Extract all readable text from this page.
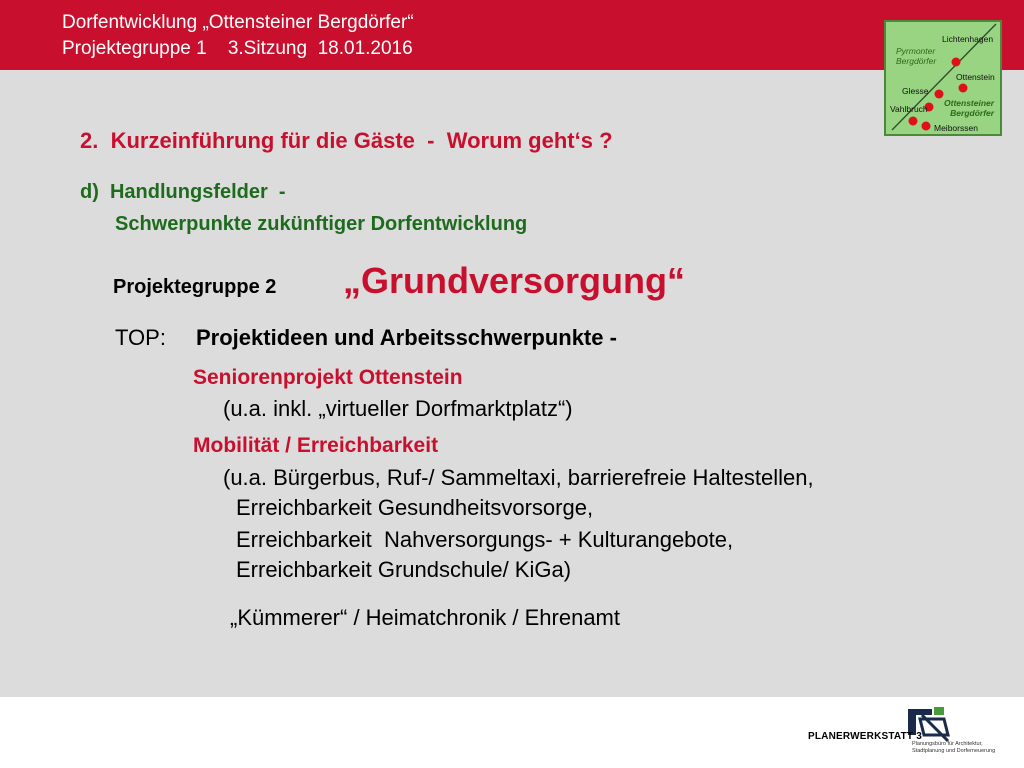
Dorfentwicklung „Ottensteiner Bergdörfer“
Projektegruppe 1    3.Sitzung  18.01.2016	Pyrmonter
Bergdörfer
Lichtenhagen
Ottenstein
Glesse
Vahlbruch
Ottensteiner
Bergdörfer
Meiborssen
2.  Kurzeinführung für die Gäste  -  Worum geht‘s ?
d)  Handlungsfelder  -
Schwerpunkte zukünftiger Dorfentwicklung
Projektegruppe 2 „Grundversorgung“
TOP: Projektideen und Arbeitsschwerpunkte -
Seniorenprojekt Ottenstein
(u.a. inkl. „virtueller Dorfmarktplatz“)
Mobilität / Erreichbarkeit
(u.a. Bürgerbus, Ruf-/ Sammeltaxi, barrierefreie Haltestellen,
Erreichbarkeit Gesundheitsvorsorge,
Erreichbarkeit  Nahversorgungs- + Kulturangebote,
Erreichbarkeit Grundschule/ KiGa)
„Kümmerer“ / Heimatchronik / Ehrenamt
PLANERWERKSTATT 3
Planungsbüro für Architektur,
Stadtplanung und Dorferneuerung
